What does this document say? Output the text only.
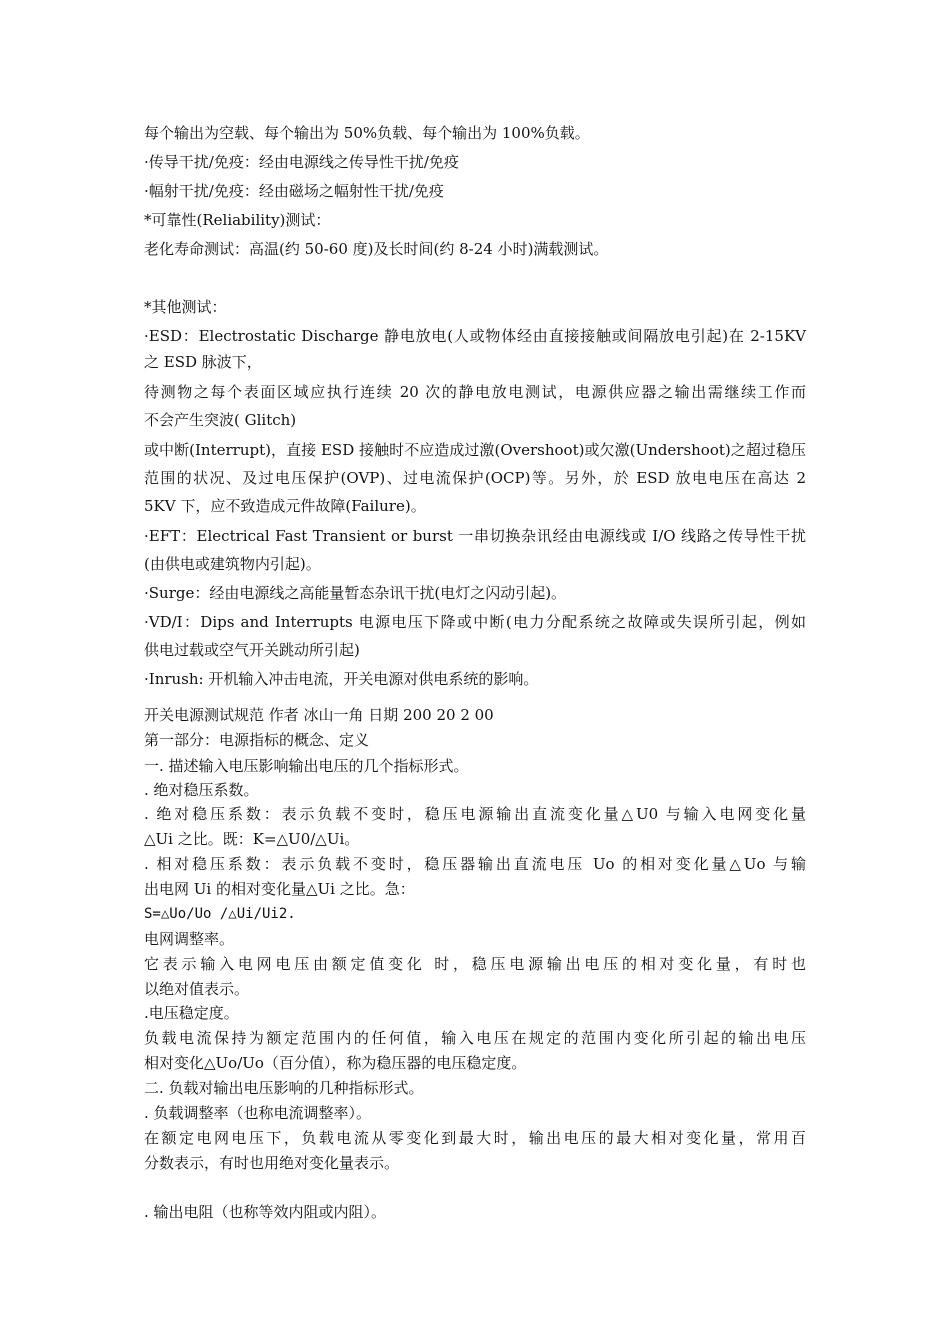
每个输出为空载、每个输出为 50%负载、每个输出为 100%负载。
·传导干扰/免疫：经由电源线之传导性干扰/免疫
·幅射干扰/免疫：经由磁场之幅射性干扰/免疫
*可靠性(Reliability)测试：
老化寿命测试：高温(约 50-60 度)及长时间(约 8-24 小时)满载测试。
*其他测试：
·ESD：Electrostatic Discharge 静电放电(人或物体经由直接接触或间隔放电引起)在 2-15KV
之 ESD 脉波下，
待测物之每个表面区域应执行连续 20 次的静电放电测试，电源供应器之输出需继续工作而
不会产生突波( Glitch)
或中断(Interrupt)，直接 ESD 接触时不应造成过激(Overshoot)或欠激(Undershoot)之超过稳压
范围的状况、及过电压保护(OVP)、过电流保护(OCP)等。另外，於 ESD 放电电压在高达 2
5KV 下，应不致造成元件故障(Failure)。
·EFT：Electrical Fast Transient or burst 一串切换杂讯经由电源线或 I/O 线路之传导性干扰
(由供电或建筑物内引起)。
·Surge：经由电源线之高能量暂态杂讯干扰(电灯之闪动引起)。
·VD/I：Dips and Interrupts 电源电压下降或中断(电力分配系统之故障或失误所引起，例如
供电过载或空气开关跳动所引起)
·Inrush: 开机输入冲击电流，开关电源对供电系统的影响。
开关电源测试规范 作者 冰山一角 日期 200 20 2 00
第一部分：电源指标的概念、定义
一. 描述输入电压影响输出电压的几个指标形式。
. 绝对稳压系数。
. 绝对稳压系数：表示负载不变时，稳压电源输出直流变化量△U0 与输入电网变化量
△Ui 之比。既：K=△U0/△Ui。
. 相对稳压系数：表示负载不变时，稳压器输出直流电压 Uo 的相对变化量△Uo 与输
出电网 Ui 的相对变化量△Ui 之比。急：
S=△Uo/Uo /△Ui/Ui2.
电网调整率。
它表示输入电网电压由额定值变化 时，稳压电源输出电压的相对变化量，有时也
以绝对值表示。
.电压稳定度。
负载电流保持为额定范围内的任何值，输入电压在规定的范围内变化所引起的输出电压
相对变化△Uo/Uo（百分值），称为稳压器的电压稳定度。
二. 负载对输出电压影响的几种指标形式。
. 负载调整率（也称电流调整率）。
在额定电网电压下，负载电流从零变化到最大时，输出电压的最大相对变化量，常用百
分数表示，有时也用绝对变化量表示。
. 输出电阻（也称等效内阻或内阻）。
